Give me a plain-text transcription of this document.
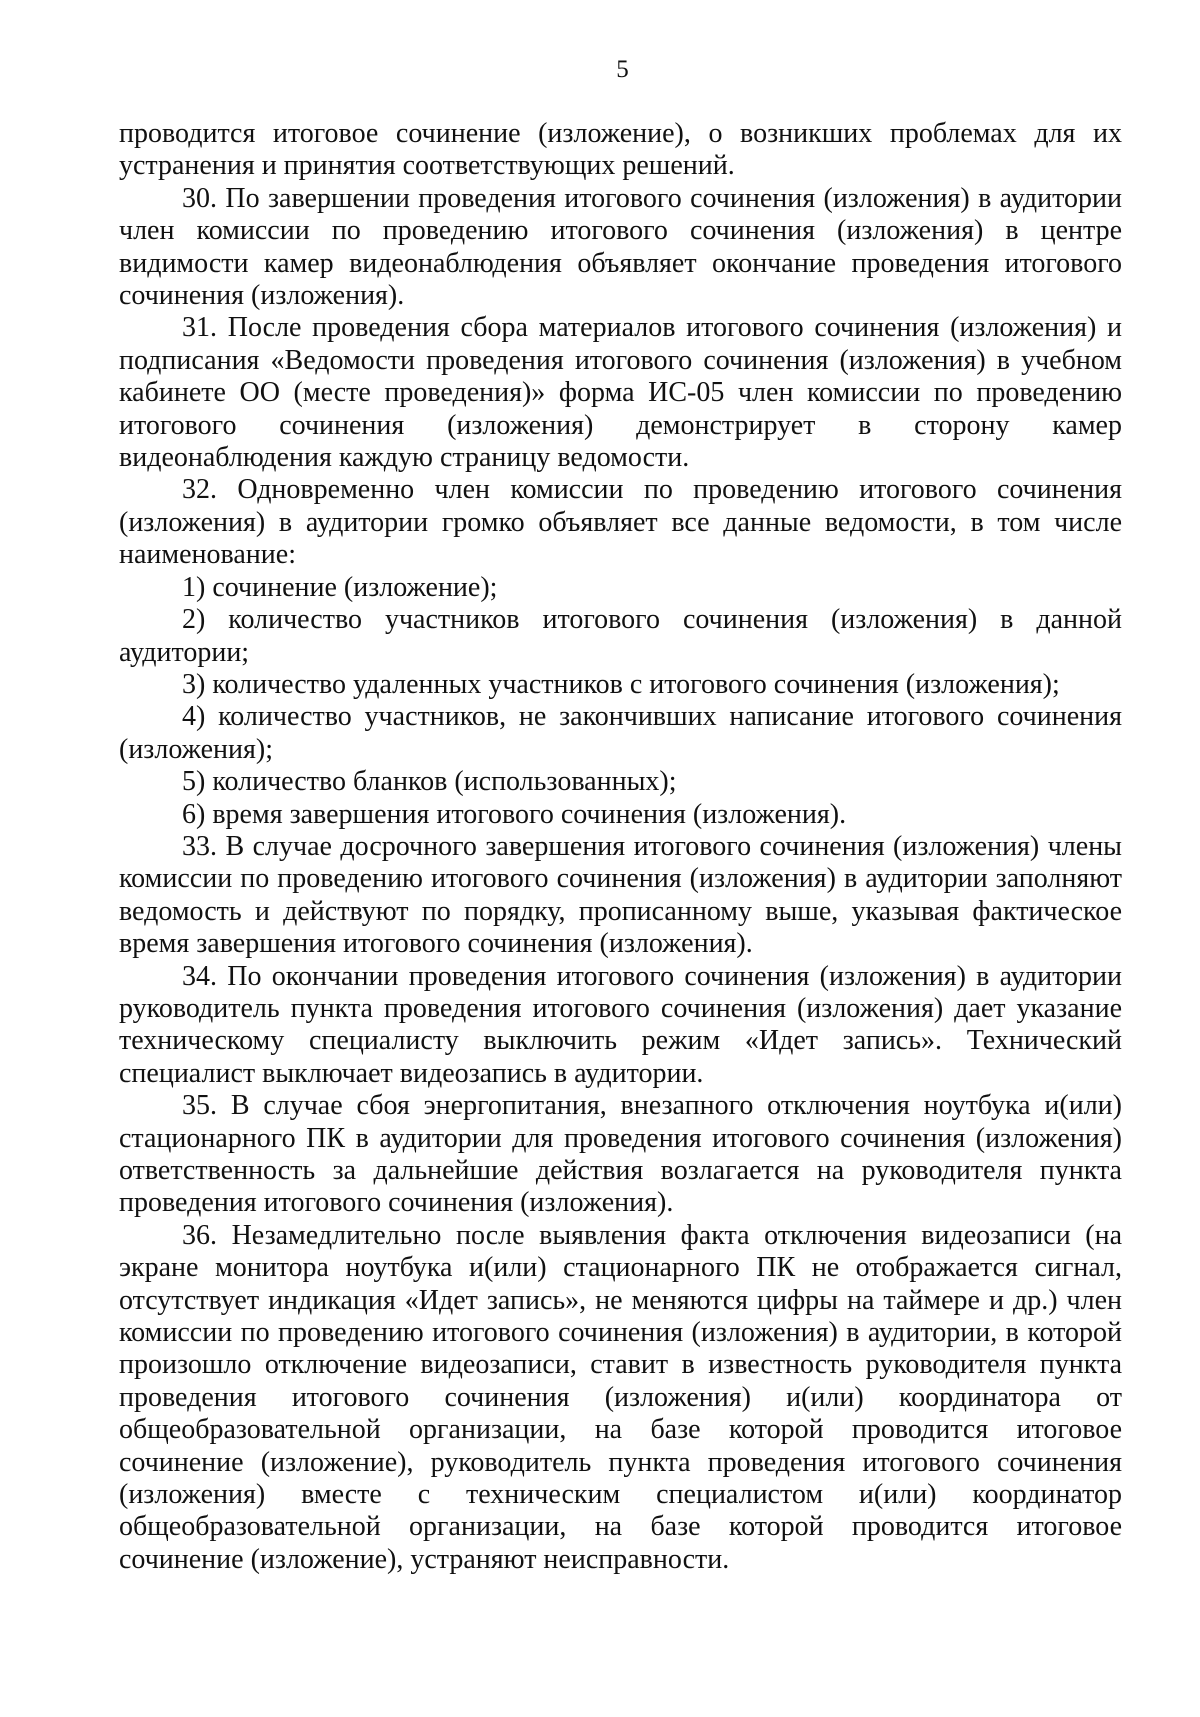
5

проводится итоговое сочинение (изложение), о возникших проблемах для их устранения и принятия соответствующих решений.

30. По завершении проведения итогового сочинения (изложения) в аудитории член комиссии по проведению итогового сочинения (изложения) в центре видимости камер видеонаблюдения объявляет окончание проведения итогового сочинения (изложения).

31. После проведения сбора материалов итогового сочинения (изложения) и подписания «Ведомости проведения итогового сочинения (изложения) в учебном кабинете ОО (месте проведения)» форма ИС-05 член комиссии по проведению итогового сочинения (изложения) демонстрирует в сторону камер видеонаблюдения каждую страницу ведомости.

32. Одновременно член комиссии по проведению итогового сочинения (изложения) в аудитории громко объявляет все данные ведомости, в том числе наименование:

1) сочинение (изложение);

2) количество участников итогового сочинения (изложения) в данной аудитории;

3) количество удаленных участников с итогового сочинения (изложения);

4) количество участников, не закончивших написание итогового сочинения (изложения);

5) количество бланков (использованных);

6) время завершения итогового сочинения (изложения).

33. В случае досрочного завершения итогового сочинения (изложения) члены комиссии по проведению итогового сочинения (изложения) в аудитории заполняют ведомость и действуют по порядку, прописанному выше, указывая фактическое время завершения итогового сочинения (изложения).

34. По окончании проведения итогового сочинения (изложения) в аудитории руководитель пункта проведения итогового сочинения (изложения) дает указание техническому специалисту выключить режим «Идет запись». Технический специалист выключает видеозапись в аудитории.

35. В случае сбоя энергопитания, внезапного отключения ноутбука и(или) стационарного ПК в аудитории для проведения итогового сочинения (изложения) ответственность за дальнейшие действия возлагается на руководителя пункта проведения итогового сочинения (изложения).

36. Незамедлительно после выявления факта отключения видеозаписи (на экране монитора ноутбука и(или) стационарного ПК не отображается сигнал, отсутствует индикация «Идет запись», не меняются цифры на таймере и др.) член комиссии по проведению итогового сочинения (изложения) в аудитории, в которой произошло отключение видеозаписи, ставит в известность руководителя пункта проведения итогового сочинения (изложения) и(или) координатора от общеобразовательной организации, на базе которой проводится итоговое сочинение (изложение), руководитель пункта проведения итогового сочинения (изложения) вместе с техническим специалистом и(или) координатор общеобразовательной организации, на базе которой проводится итоговое сочинение (изложение), устраняют неисправности.
